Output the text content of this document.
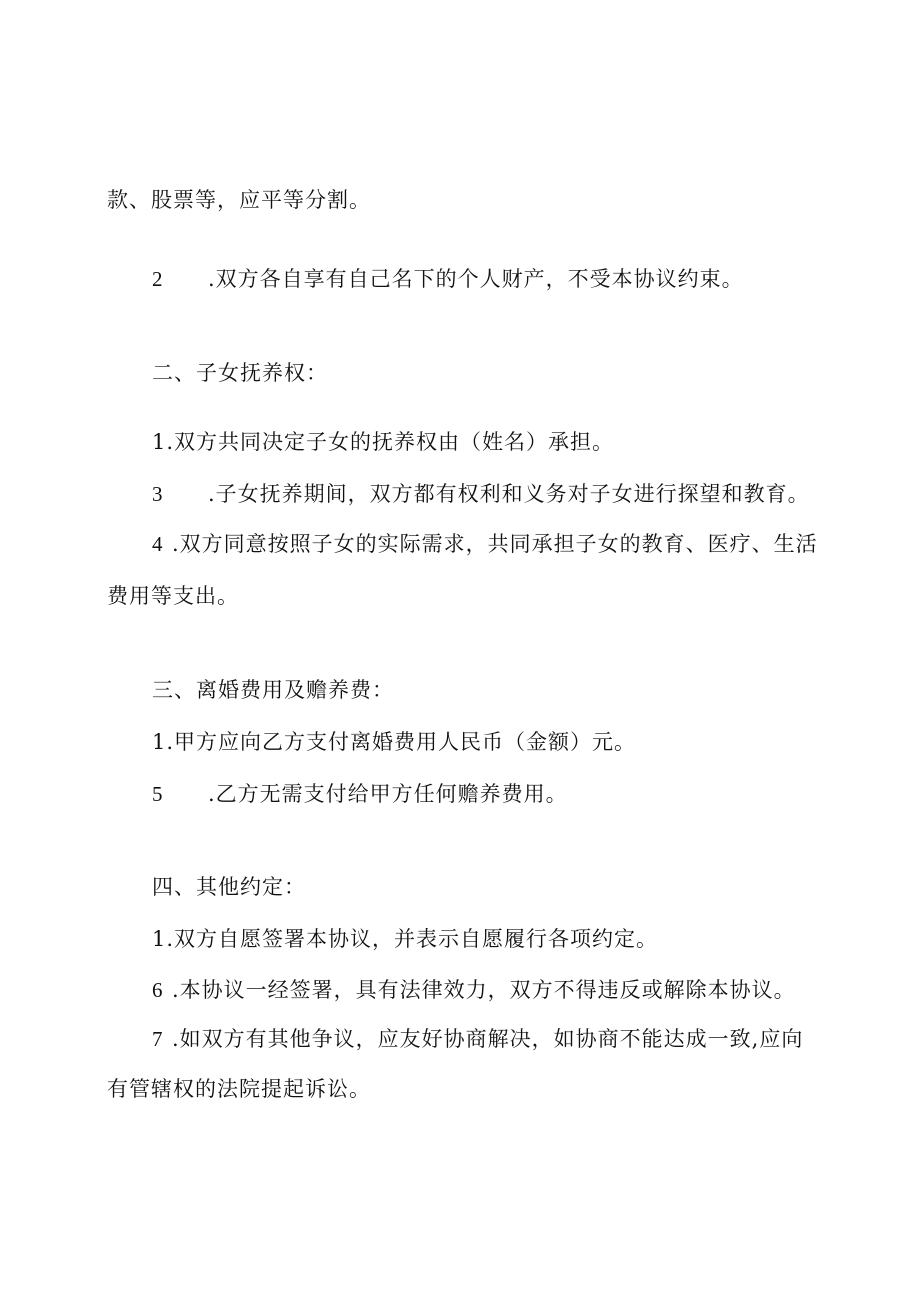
款、股票等，应平等分割。
2 .双方各自享有自己名下的个人财产，不受本协议约束。
二、子女抚养权：
1.双方共同决定子女的抚养权由（姓名）承担。
3 .子女抚养期间，双方都有权利和义务对子女进行探望和教育。
4 .双方同意按照子女的实际需求，共同承担子女的教育、医疗、生活
费用等支出。
三、离婚费用及赡养费：
1.甲方应向乙方支付离婚费用人民币（金额）元。
5 .乙方无需支付给甲方任何赡养费用。
四、其他约定：
1.双方自愿签署本协议，并表示自愿履行各项约定。
6 .本协议一经签署，具有法律效力，双方不得违反或解除本协议。
7 .如双方有其他争议，应友好协商解决，如协商不能达成一致,应向
有管辖权的法院提起诉讼。
